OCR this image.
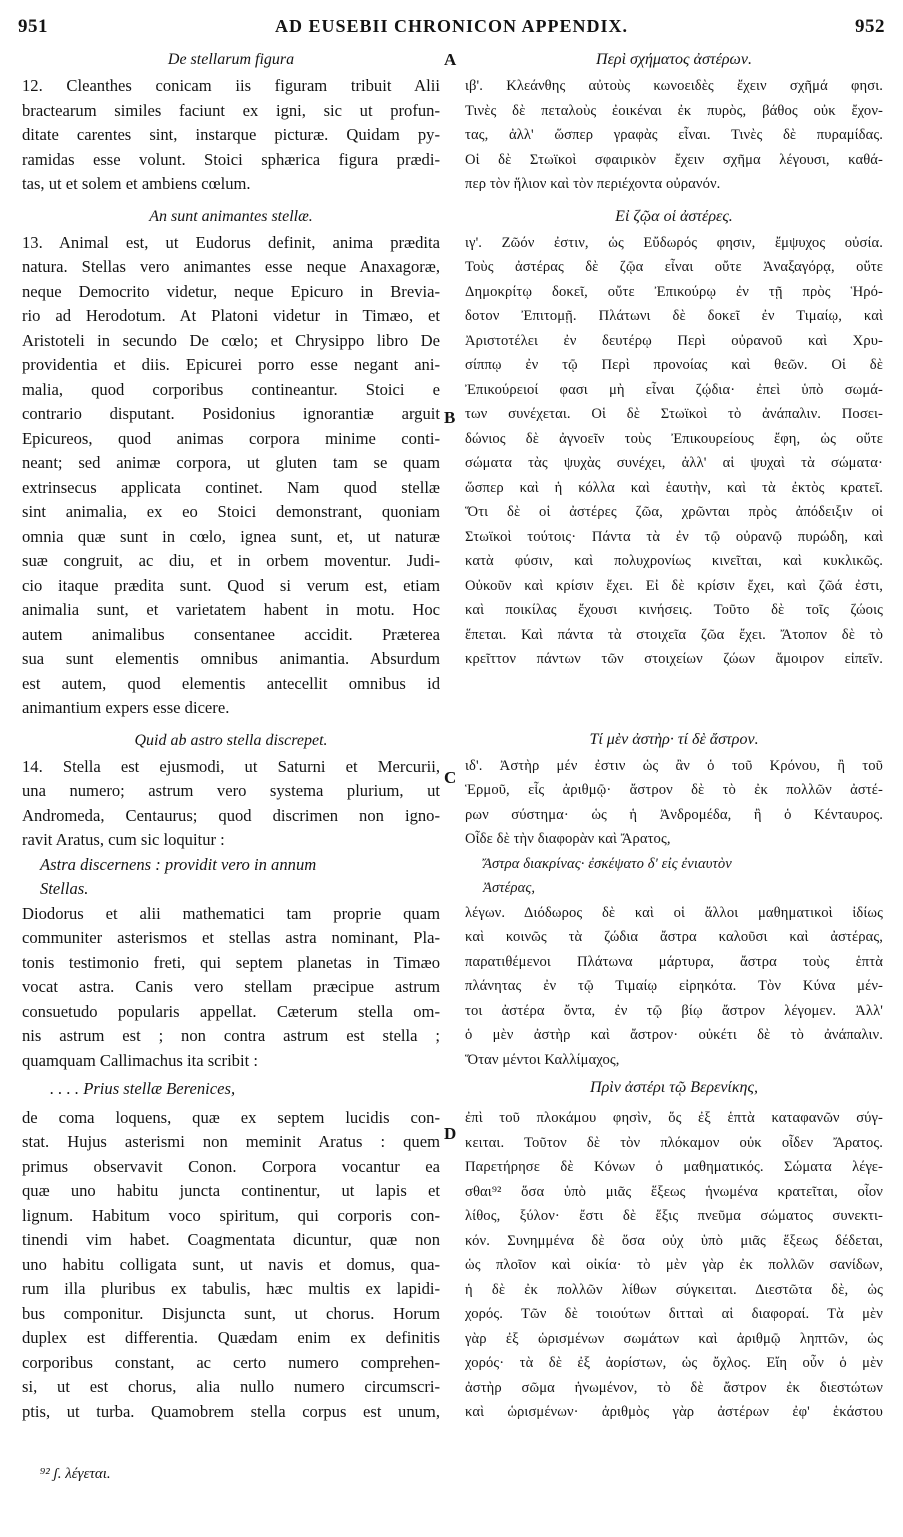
951	AD EUSEBII CHRONICON APPENDIX.	952
A
B
C
D
De stellarum figura
12. Cleanthes conicam iis figuram tribuit Alii
bractearum similes faciunt ex igni, sic ut profun-
ditate carentes sint, instarque picturæ. Quidam py-
ramidas esse volunt. Stoici sphærica figura prædi-
tas, ut et solem et ambiens cœlum.
An sunt animantes stellæ.
13. Animal est, ut Eudorus definit, anima prædita
natura. Stellas vero animantes esse neque Anaxagoræ,
neque Democrito videtur, neque Epicuro in Brevia-
rio ad Herodotum. At Platoni videtur in Timæo, et
Aristoteli in secundo De cœlo; et Chrysippo libro De
providentia et diis. Epicurei porro esse negant ani-
malia, quod corporibus contineantur. Stoici e
contrario disputant. Posidonius ignorantiæ arguit
Epicureos, quod animas corpora minime conti-
neant; sed animæ corpora, ut gluten tam se quam
extrinsecus applicata continet. Nam quod stellæ
sint animalia, ex eo Stoici demonstrant, quoniam
omnia quæ sunt in cœlo, ignea sunt, et, ut naturæ
suæ congruit, ac diu, et in orbem moventur. Judi-
cio itaque prædita sunt. Quod si verum est, etiam
animalia sunt, et varietatem habent in motu. Hoc
autem animalibus consentanee accidit. Præterea
sua sunt elementis omnibus animantia. Absurdum
est autem, quod elementis antecellit omnibus id
animantium expers esse dicere.
Quid ab astro stella discrepet.
14. Stella est ejusmodi, ut Saturni et Mercurii,
una numero; astrum vero systema plurium, ut
Andromeda, Centaurus; quod discrimen non igno-
ravit Aratus, cum sic loquitur :
Astra discernens : providit vero in annum
Stellas.
Diodorus et alii mathematici tam proprie quam
communiter asterismos et stellas astra nominant, Pla-
tonis testimonio freti, qui septem planetas in Timæo
vocat astra. Canis vero stellam præcipue astrum
consuetudo popularis appellat. Cæterum stella om-
nis astrum est ; non contra astrum est stella ;
quamquam Callimachus ita scribit :
. . . . Prius stellæ Berenices,
de coma loquens, quæ ex septem lucidis con-
stat. Hujus asterismi non meminit Aratus : quem
primus observavit Conon. Corpora vocantur ea
quæ uno habitu juncta continentur, ut lapis et
lignum. Habitum voco spiritum, qui corporis con-
tinendi vim habet. Coagmentata dicuntur, quæ non
uno habitu colligata sunt, ut navis et domus, qua-
rum illa pluribus ex tabulis, hæc multis ex lapidi-
bus componitur. Disjuncta sunt, ut chorus. Horum
duplex est differentia. Quædam enim ex definitis
corporibus constant, ac certo numero comprehen-
si, ut est chorus, alia nullo numero circumscri-
ptis, ut turba. Quamobrem stella corpus est unum,
Περὶ σχήματος ἀστέρων.
ιβ'. Κλεάνθης αὐτοὺς κωνοειδὲς ἔχειν σχῆμά φησι.
Τινὲς δὲ πεταλοὺς ἐοικέναι ἐκ πυρὸς, βάθος οὐκ ἔχον-
τας, ἀλλ' ὥσπερ γραφὰς εἶναι. Τινὲς δὲ πυραμίδας.
Οἱ δὲ Στωϊκοὶ σφαιρικὸν ἔχειν σχῆμα λέγουσι, καθά-
περ τὸν ἥλιον καὶ τὸν περιέχοντα οὐρανόν.
Εἰ ζῷα οἱ ἀστέρες.
ιγ'. Ζῶόν ἐστιν, ὡς Εὔδωρός φησιν, ἔμψυχος οὐσία.
Τοὺς ἀστέρας δὲ ζῷα εἶναι οὔτε Ἀναξαγόρᾳ, οὔτε
Δημοκρίτῳ δοκεῖ, οὔτε Ἐπικούρῳ ἐν τῇ πρὸς Ἡρό-
δοτον Ἐπιτομῇ. Πλάτωνι δὲ δοκεῖ ἐν Τιμαίῳ, καὶ
Ἀριστοτέλει ἐν δευτέρῳ Περὶ οὐρανοῦ καὶ Χρυ-
σίππῳ ἐν τῷ Περὶ προνοίας καὶ θεῶν. Οἱ δὲ
Ἐπικούρειοί φασι μὴ εἶναι ζῴδια· ἐπεὶ ὑπὸ σωμά-
των συνέχεται. Οἱ δὲ Στωϊκοὶ τὸ ἀνάπαλιν. Ποσει-
δώνιος δὲ ἀγνοεῖν τοὺς Ἐπικουρείους ἔφη, ὡς οὔτε
σώματα τὰς ψυχὰς συνέχει, ἀλλ' αἱ ψυχαὶ τὰ σώματα·
ὥσπερ καὶ ἡ κόλλα καὶ ἑαυτὴν, καὶ τὰ ἐκτὸς κρατεῖ.
Ὅτι δὲ οἱ ἀστέρες ζῶα, χρῶνται πρὸς ἀπόδειξιν οἱ
Στωϊκοὶ τούτοις· Πάντα τὰ ἐν τῷ οὐρανῷ πυρώδη, καὶ
κατὰ φύσιν, καὶ πολυχρονίως κινεῖται, καὶ κυκλικῶς.
Οὐκοῦν καὶ κρίσιν ἔχει. Εἰ δὲ κρίσιν ἔχει, καὶ ζῶά ἐστι,
καὶ ποικίλας ἔχουσι κινήσεις. Τοῦτο δὲ τοῖς ζώοις
ἕπεται. Καὶ πάντα τὰ στοιχεῖα ζῶα ἔχει. Ἄτοπον δὲ τὸ
κρεῖττον πάντων τῶν στοιχείων ζώων ἄμοιρον εἰπεῖν.
Τί μὲν ἀστὴρ· τί δὲ ἄστρον.
ιδ'. Ἀστὴρ μέν ἐστιν ὡς ἂν ὁ τοῦ Κρόνου, ἢ τοῦ
Ἑρμοῦ, εἷς ἀριθμῷ· ἄστρον δὲ τὸ ἐκ πολλῶν ἀστέ-
ρων σύστημα· ὡς ἡ Ἀνδρομέδα, ἢ ὁ Κένταυρος.
Οἶδε δὲ τὴν διαφορὰν καὶ Ἄρατος,
Ἄστρα διακρίνας· ἐσκέψατο δ' εἰς ἐνιαυτὸν
Ἀστέρας,
λέγων. Διόδωρος δὲ καὶ οἱ ἄλλοι μαθηματικοὶ ἰδίως
καὶ κοινῶς τὰ ζώδια ἄστρα καλοῦσι καὶ ἀστέρας,
παρατιθέμενοι Πλάτωνα μάρτυρα, ἄστρα τοὺς ἑπτὰ
πλάνητας ἐν τῷ Τιμαίῳ εἰρηκότα. Τὸν Κύνα μέν-
τοι ἀστέρα ὄντα, ἐν τῷ βίῳ ἄστρον λέγομεν. Ἀλλ'
ὁ μὲν ἀστὴρ καὶ ἄστρον· οὐκέτι δὲ τὸ ἀνάπαλιν.
Ὅταν μέντοι Καλλίμαχος,
Πρὶν ἀστέρι τῷ Βερενίκης,
ἐπὶ τοῦ πλοκάμου φησὶν, ὅς ἐξ ἑπτὰ καταφανῶν σύγ-
κειται. Τοῦτον δὲ τὸν πλόκαμον οὐκ οἶδεν Ἄρατος.
Παρετήρησε δὲ Κόνων ὁ μαθηματικός. Σώματα λέγε-
σθαι⁹² ὅσα ὑπὸ μιᾶς ἕξεως ἡνωμένα κρατεῖται, οἷον
λίθος, ξύλον· ἔστι δὲ ἕξις πνεῦμα σώματος συνεκτι-
κόν. Συνημμένα δὲ ὅσα οὐχ ὑπὸ μιᾶς ἕξεως δέδεται,
ὡς πλοῖον καὶ οἰκία· τὸ μὲν γὰρ ἐκ πολλῶν σανίδων,
ἡ δὲ ἐκ πολλῶν λίθων σύγκειται. Διεστῶτα δὲ, ὡς
χορός. Τῶν δὲ τοιούτων διτταὶ αἱ διαφοραί. Τὰ μὲν
γὰρ ἐξ ὡρισμένων σωμάτων καὶ ἀριθμῷ ληπτῶν, ὡς
χορός· τὰ δὲ ἐξ ἀορίστων, ὡς ὄχλος. Εἴη οὖν ὁ μὲν
ἀστὴρ σῶμα ἡνωμένον, τὸ δὲ ἄστρον ἐκ διεστώτων
καὶ ὡρισμένων· ἀριθμὸς γὰρ ἀστέρων ἐφ' ἑκάστου
⁹² ʃ. λέγεται.
